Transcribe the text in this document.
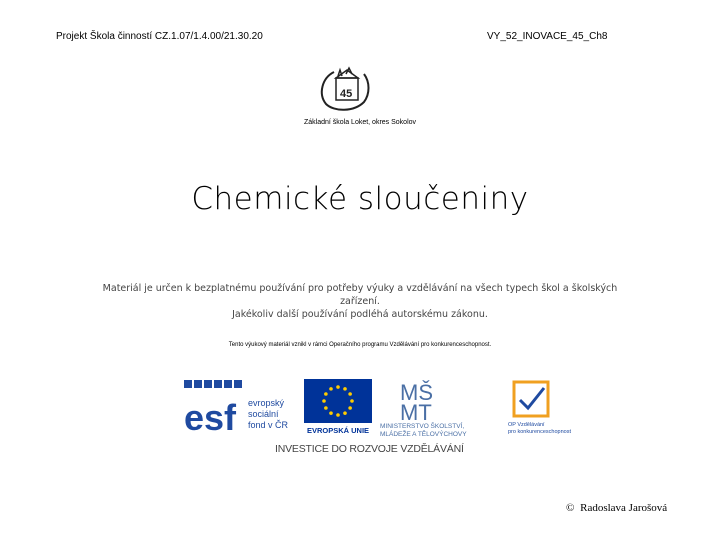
Projekt Škola činností CZ.1.07/1.4.00/21.30.20	VY_52_INOVACE_45_Ch8
45
Základní škola Loket, okres Sokolov
Chemické sloučeniny
Materiál je určen k bezplatnému používání pro potřeby výuky a vzdělávání na všech typech škol a školských zařízení.
Jakékoliv další používání podléhá autorskému zákonu.
Tento výukový materiál vznikl v rámci Operačního programu Vzdělávání pro konkurenceschopnost.
esf evropský
sociální
fond v ČR
EVROPSKÁ UNIE
MŠ
MT
MINISTERSTVO ŠKOLSTVÍ,
MLÁDEŽE A TĚLOVÝCHOVY
OP Vzdělávání
pro konkurenceschopnost
INVESTICE DO ROZVOJE VZDĚLÁVÁNÍ
© Radoslava Jarošová
